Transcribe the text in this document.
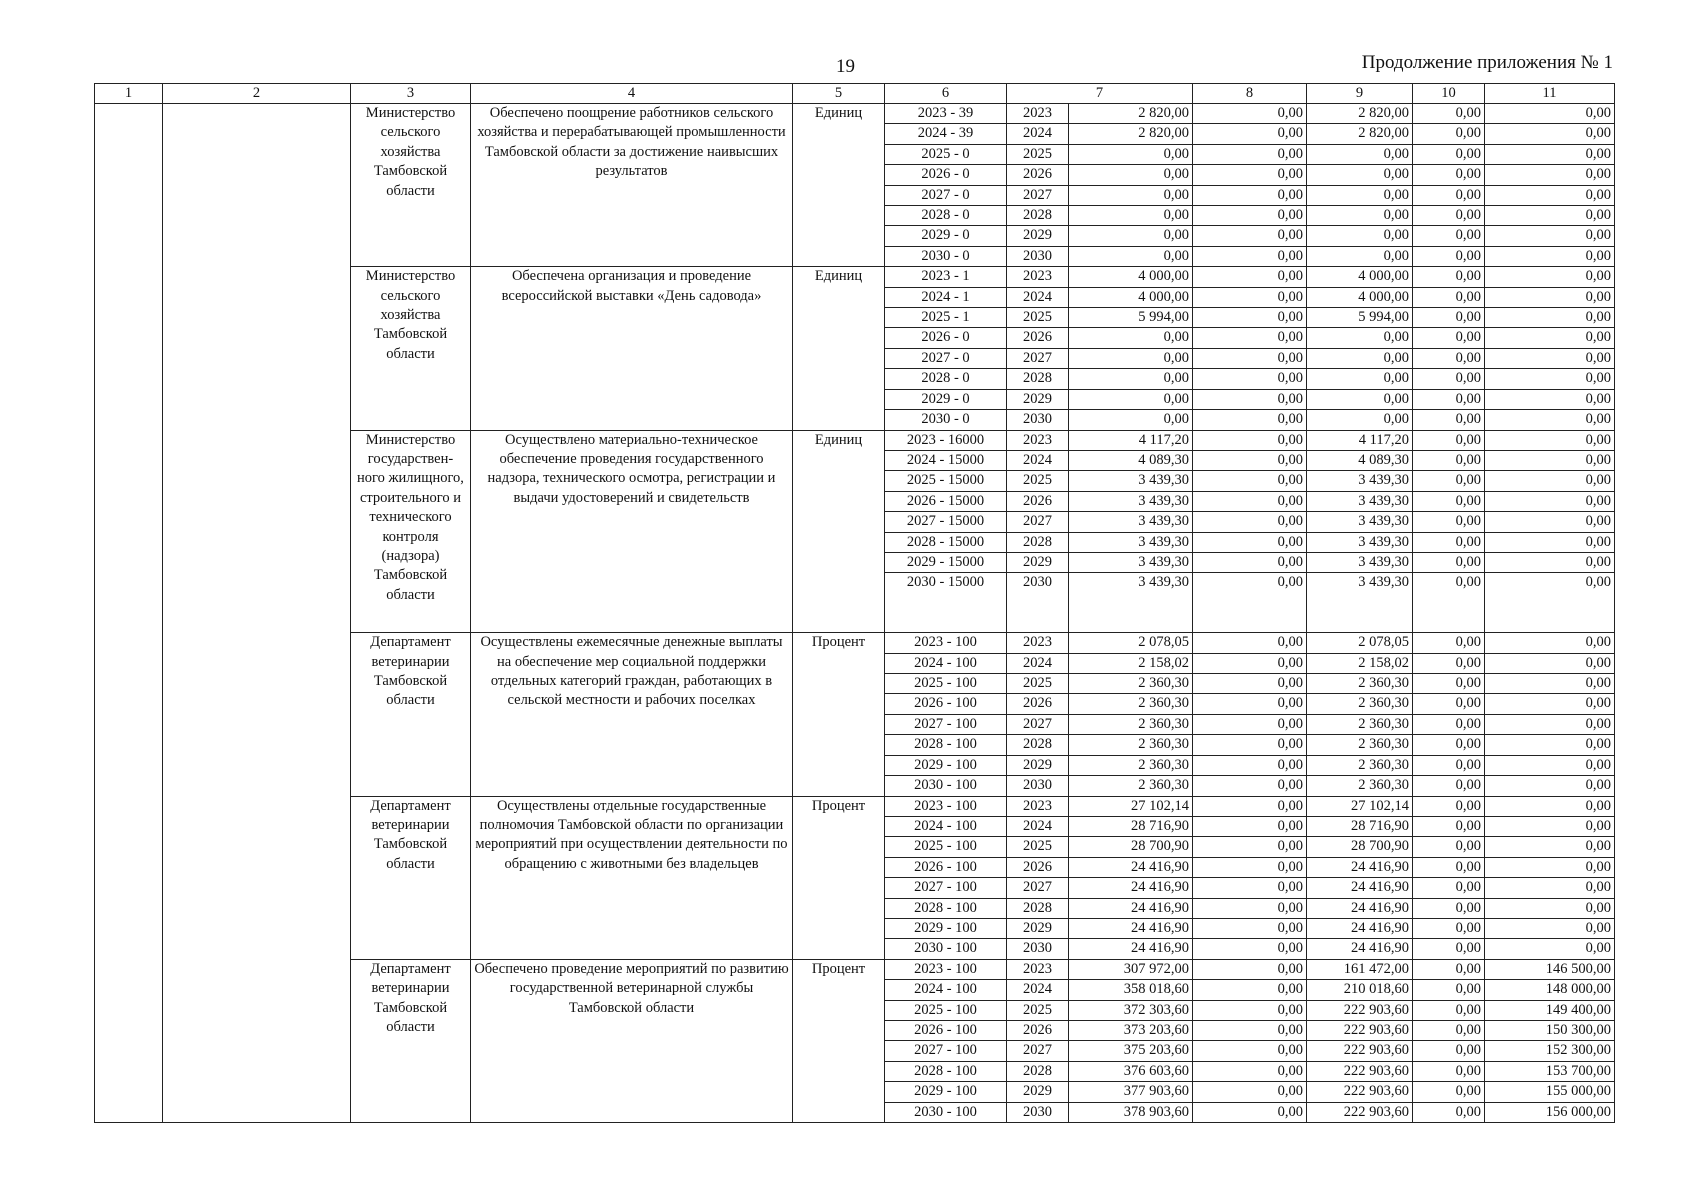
19	Продолжение приложения № 1
1	2	3	4	5	6	7		8	9	10	11
		Министерство сельского хозяйства Тамбовской области	Обеспечено поощрение работников сельского хозяйства и перерабатывающей промышленности Тамбовской области за достижение наивысших результатов	Единиц	2023 - 39	2023	2 820,00	0,00	2 820,00	0,00	0,00
					2024 - 39	2024	2 820,00	0,00	2 820,00	0,00	0,00
					2025 - 0	2025	0,00	0,00	0,00	0,00	0,00
					2026 - 0	2026	0,00	0,00	0,00	0,00	0,00
					2027 - 0	2027	0,00	0,00	0,00	0,00	0,00
					2028 - 0	2028	0,00	0,00	0,00	0,00	0,00
					2029 - 0	2029	0,00	0,00	0,00	0,00	0,00
					2030 - 0	2030	0,00	0,00	0,00	0,00	0,00
		Министерство сельского хозяйства Тамбовской области	Обеспечена организация и проведение всероссийской выставки «День садовода»	Единиц	2023 - 1	2023	4 000,00	0,00	4 000,00	0,00	0,00
					2024 - 1	2024	4 000,00	0,00	4 000,00	0,00	0,00
					2025 - 1	2025	5 994,00	0,00	5 994,00	0,00	0,00
					2026 - 0	2026	0,00	0,00	0,00	0,00	0,00
					2027 - 0	2027	0,00	0,00	0,00	0,00	0,00
					2028 - 0	2028	0,00	0,00	0,00	0,00	0,00
					2029 - 0	2029	0,00	0,00	0,00	0,00	0,00
					2030 - 0	2030	0,00	0,00	0,00	0,00	0,00
		Министерство государствен-ного жилищного, строительного и технического контроля (надзора) Тамбовской области	Осуществлено материально-техническое обеспечение проведения государственного надзора, технического осмотра, регистрации и выдачи удостоверений и свидетельств	Единиц	2023 - 16000	2023	4 117,20	0,00	4 117,20	0,00	0,00
					2024 - 15000	2024	4 089,30	0,00	4 089,30	0,00	0,00
					2025 - 15000	2025	3 439,30	0,00	3 439,30	0,00	0,00
					2026 - 15000	2026	3 439,30	0,00	3 439,30	0,00	0,00
					2027 - 15000	2027	3 439,30	0,00	3 439,30	0,00	0,00
					2028 - 15000	2028	3 439,30	0,00	3 439,30	0,00	0,00
					2029 - 15000	2029	3 439,30	0,00	3 439,30	0,00	0,00
					2030 - 15000	2030	3 439,30	0,00	3 439,30	0,00	0,00

		Департамент ветеринарии Тамбовской области	Осуществлены ежемесячные денежные выплаты на обеспечение мер социальной поддержки отдельных категорий граждан, работающих в сельской местности и рабочих поселках	Процент	2023 - 100	2023	2 078,05	0,00	2 078,05	0,00	0,00
					2024 - 100	2024	2 158,02	0,00	2 158,02	0,00	0,00
					2025 - 100	2025	2 360,30	0,00	2 360,30	0,00	0,00
					2026 - 100	2026	2 360,30	0,00	2 360,30	0,00	0,00
					2027 - 100	2027	2 360,30	0,00	2 360,30	0,00	0,00
					2028 - 100	2028	2 360,30	0,00	2 360,30	0,00	0,00
					2029 - 100	2029	2 360,30	0,00	2 360,30	0,00	0,00
					2030 - 100	2030	2 360,30	0,00	2 360,30	0,00	0,00
		Департамент ветеринарии Тамбовской области	Осуществлены отдельные государственные полномочия Тамбовской области по организации мероприятий при осуществлении деятельности по обращению с животными без владельцев	Процент	2023 - 100	2023	27 102,14	0,00	27 102,14	0,00	0,00
					2024 - 100	2024	28 716,90	0,00	28 716,90	0,00	0,00
					2025 - 100	2025	28 700,90	0,00	28 700,90	0,00	0,00
					2026 - 100	2026	24 416,90	0,00	24 416,90	0,00	0,00
					2027 - 100	2027	24 416,90	0,00	24 416,90	0,00	0,00
					2028 - 100	2028	24 416,90	0,00	24 416,90	0,00	0,00
					2029 - 100	2029	24 416,90	0,00	24 416,90	0,00	0,00
					2030 - 100	2030	24 416,90	0,00	24 416,90	0,00	0,00
		Департамент ветеринарии Тамбовской области	Обеспечено проведение мероприятий по развитию государственной ветеринарной службы Тамбовской области	Процент	2023 - 100	2023	307 972,00	0,00	161 472,00	0,00	146 500,00
					2024 - 100	2024	358 018,60	0,00	210 018,60	0,00	148 000,00
					2025 - 100	2025	372 303,60	0,00	222 903,60	0,00	149 400,00
					2026 - 100	2026	373 203,60	0,00	222 903,60	0,00	150 300,00
					2027 - 100	2027	375 203,60	0,00	222 903,60	0,00	152 300,00
					2028 - 100	2028	376 603,60	0,00	222 903,60	0,00	153 700,00
					2029 - 100	2029	377 903,60	0,00	222 903,60	0,00	155 000,00
					2030 - 100	2030	378 903,60	0,00	222 903,60	0,00	156 000,00
